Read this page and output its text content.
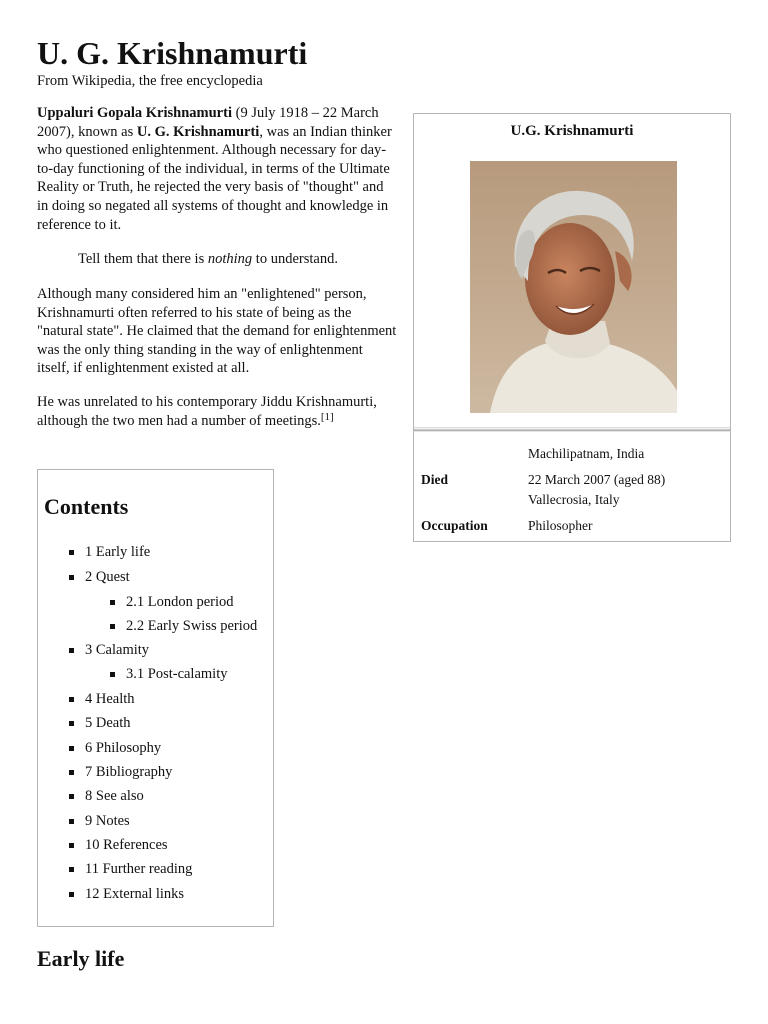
U. G. Krishnamurti
From Wikipedia, the free encyclopedia
Uppaluri Gopala Krishnamurti (9 July 1918 – 22 March 2007), known as U. G. Krishnamurti, was an Indian thinker who questioned enlightenment. Although necessary for day-to-day functioning of the individual, in terms of the Ultimate Reality or Truth, he rejected the very basis of "thought" and in doing so negated all systems of thought and knowledge in reference to it.
Tell them that there is nothing to understand.
Although many considered him an "enlightened" person, Krishnamurti often referred to his state of being as the "natural state". He claimed that the demand for enlightenment was the only thing standing in the way of enlightenment itself, if enlightenment existed at all.
He was unrelated to his contemporary Jiddu Krishnamurti, although the two men had a number of meetings.[1]
U.G. Krishnamurti
Machilipatnam, India
Died	22 March 2007 (aged 88)
Vallecrosia, Italy
Occupation	Philosopher
Contents
1 Early life
2 Quest
2.1 London period
2.2 Early Swiss period
3 Calamity
3.1 Post-calamity
4 Health
5 Death
6 Philosophy
7 Bibliography
8 See also
9 Notes
10 References
11 Further reading
12 External links
Early life
